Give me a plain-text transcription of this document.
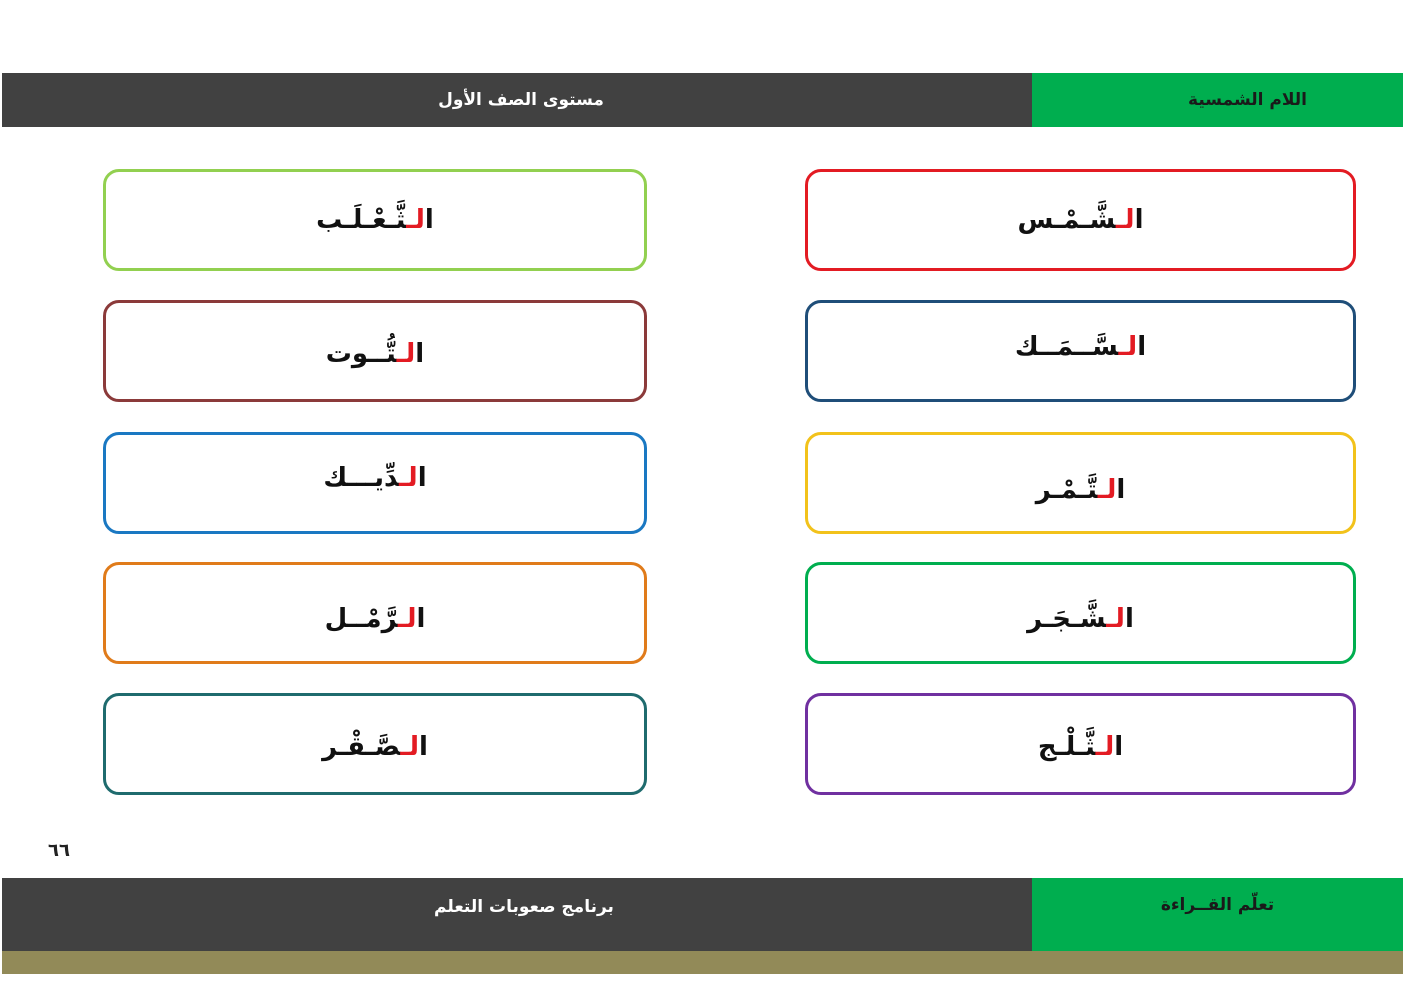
مستوى الصف الأول	اللام الشمسية
الـشَّـمْـس
الـسَّــمَــك
الـتَّـمْـر
الـشَّـجَـر
الـثَّـلْـج
الـثَّـعْـلَـب
الـتُّــوت
الـدِّيـــك
الـرَّمْــل
الـصَّـقْـر
٦٦
برنامج صعوبات التعلم	تعلّم القــراءة
